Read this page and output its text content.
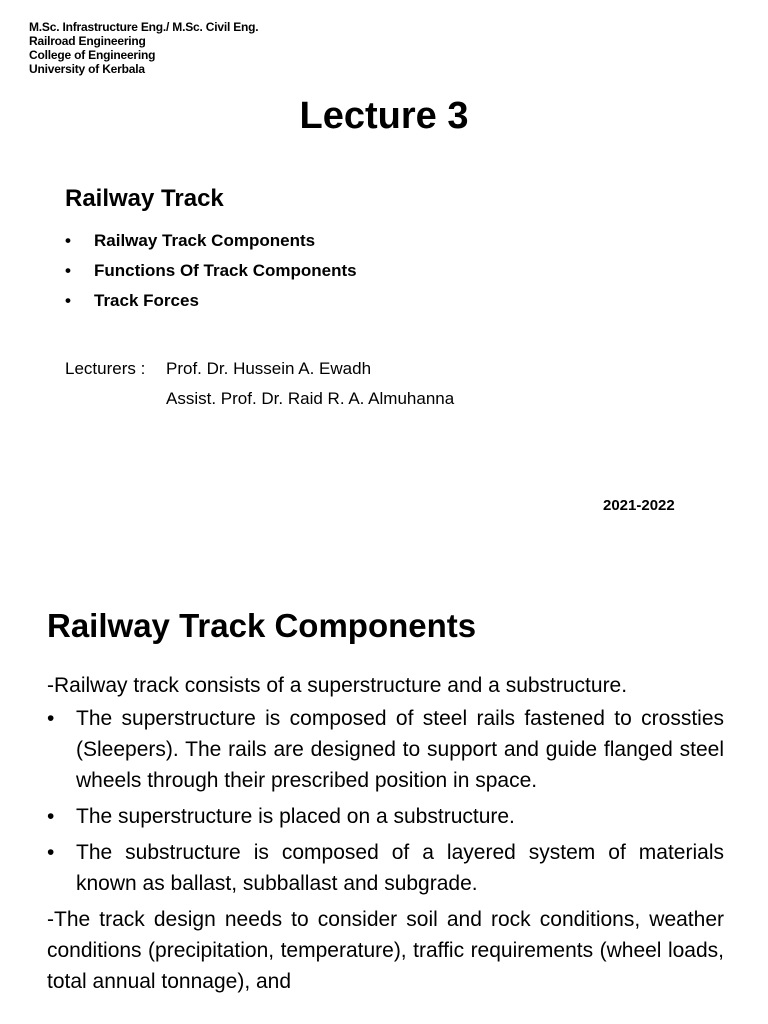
M.Sc. Infrastructure Eng./ M.Sc. Civil Eng.
Railroad Engineering
College of Engineering
University of Kerbala
Lecture 3
Railway Track
• Railway Track Components
• Functions Of Track Components
• Track Forces
Lecturers :	Prof. Dr. Hussein A. Ewadh
Assist. Prof. Dr. Raid R. A. Almuhanna
2021-2022
Railway Track Components

-Railway track consists of a superstructure and a substructure.

• The superstructure is composed of steel rails fastened to crossties (Sleepers). The rails are designed to support and guide flanged steel wheels through their prescribed position in space.
• The superstructure is placed on a substructure.
• The substructure is composed of a layered system of materials known as ballast, subballast and subgrade.

-The track design needs to consider soil and rock conditions, weather conditions (precipitation, temperature), traffic requirements (wheel loads, total annual tonnage), and
